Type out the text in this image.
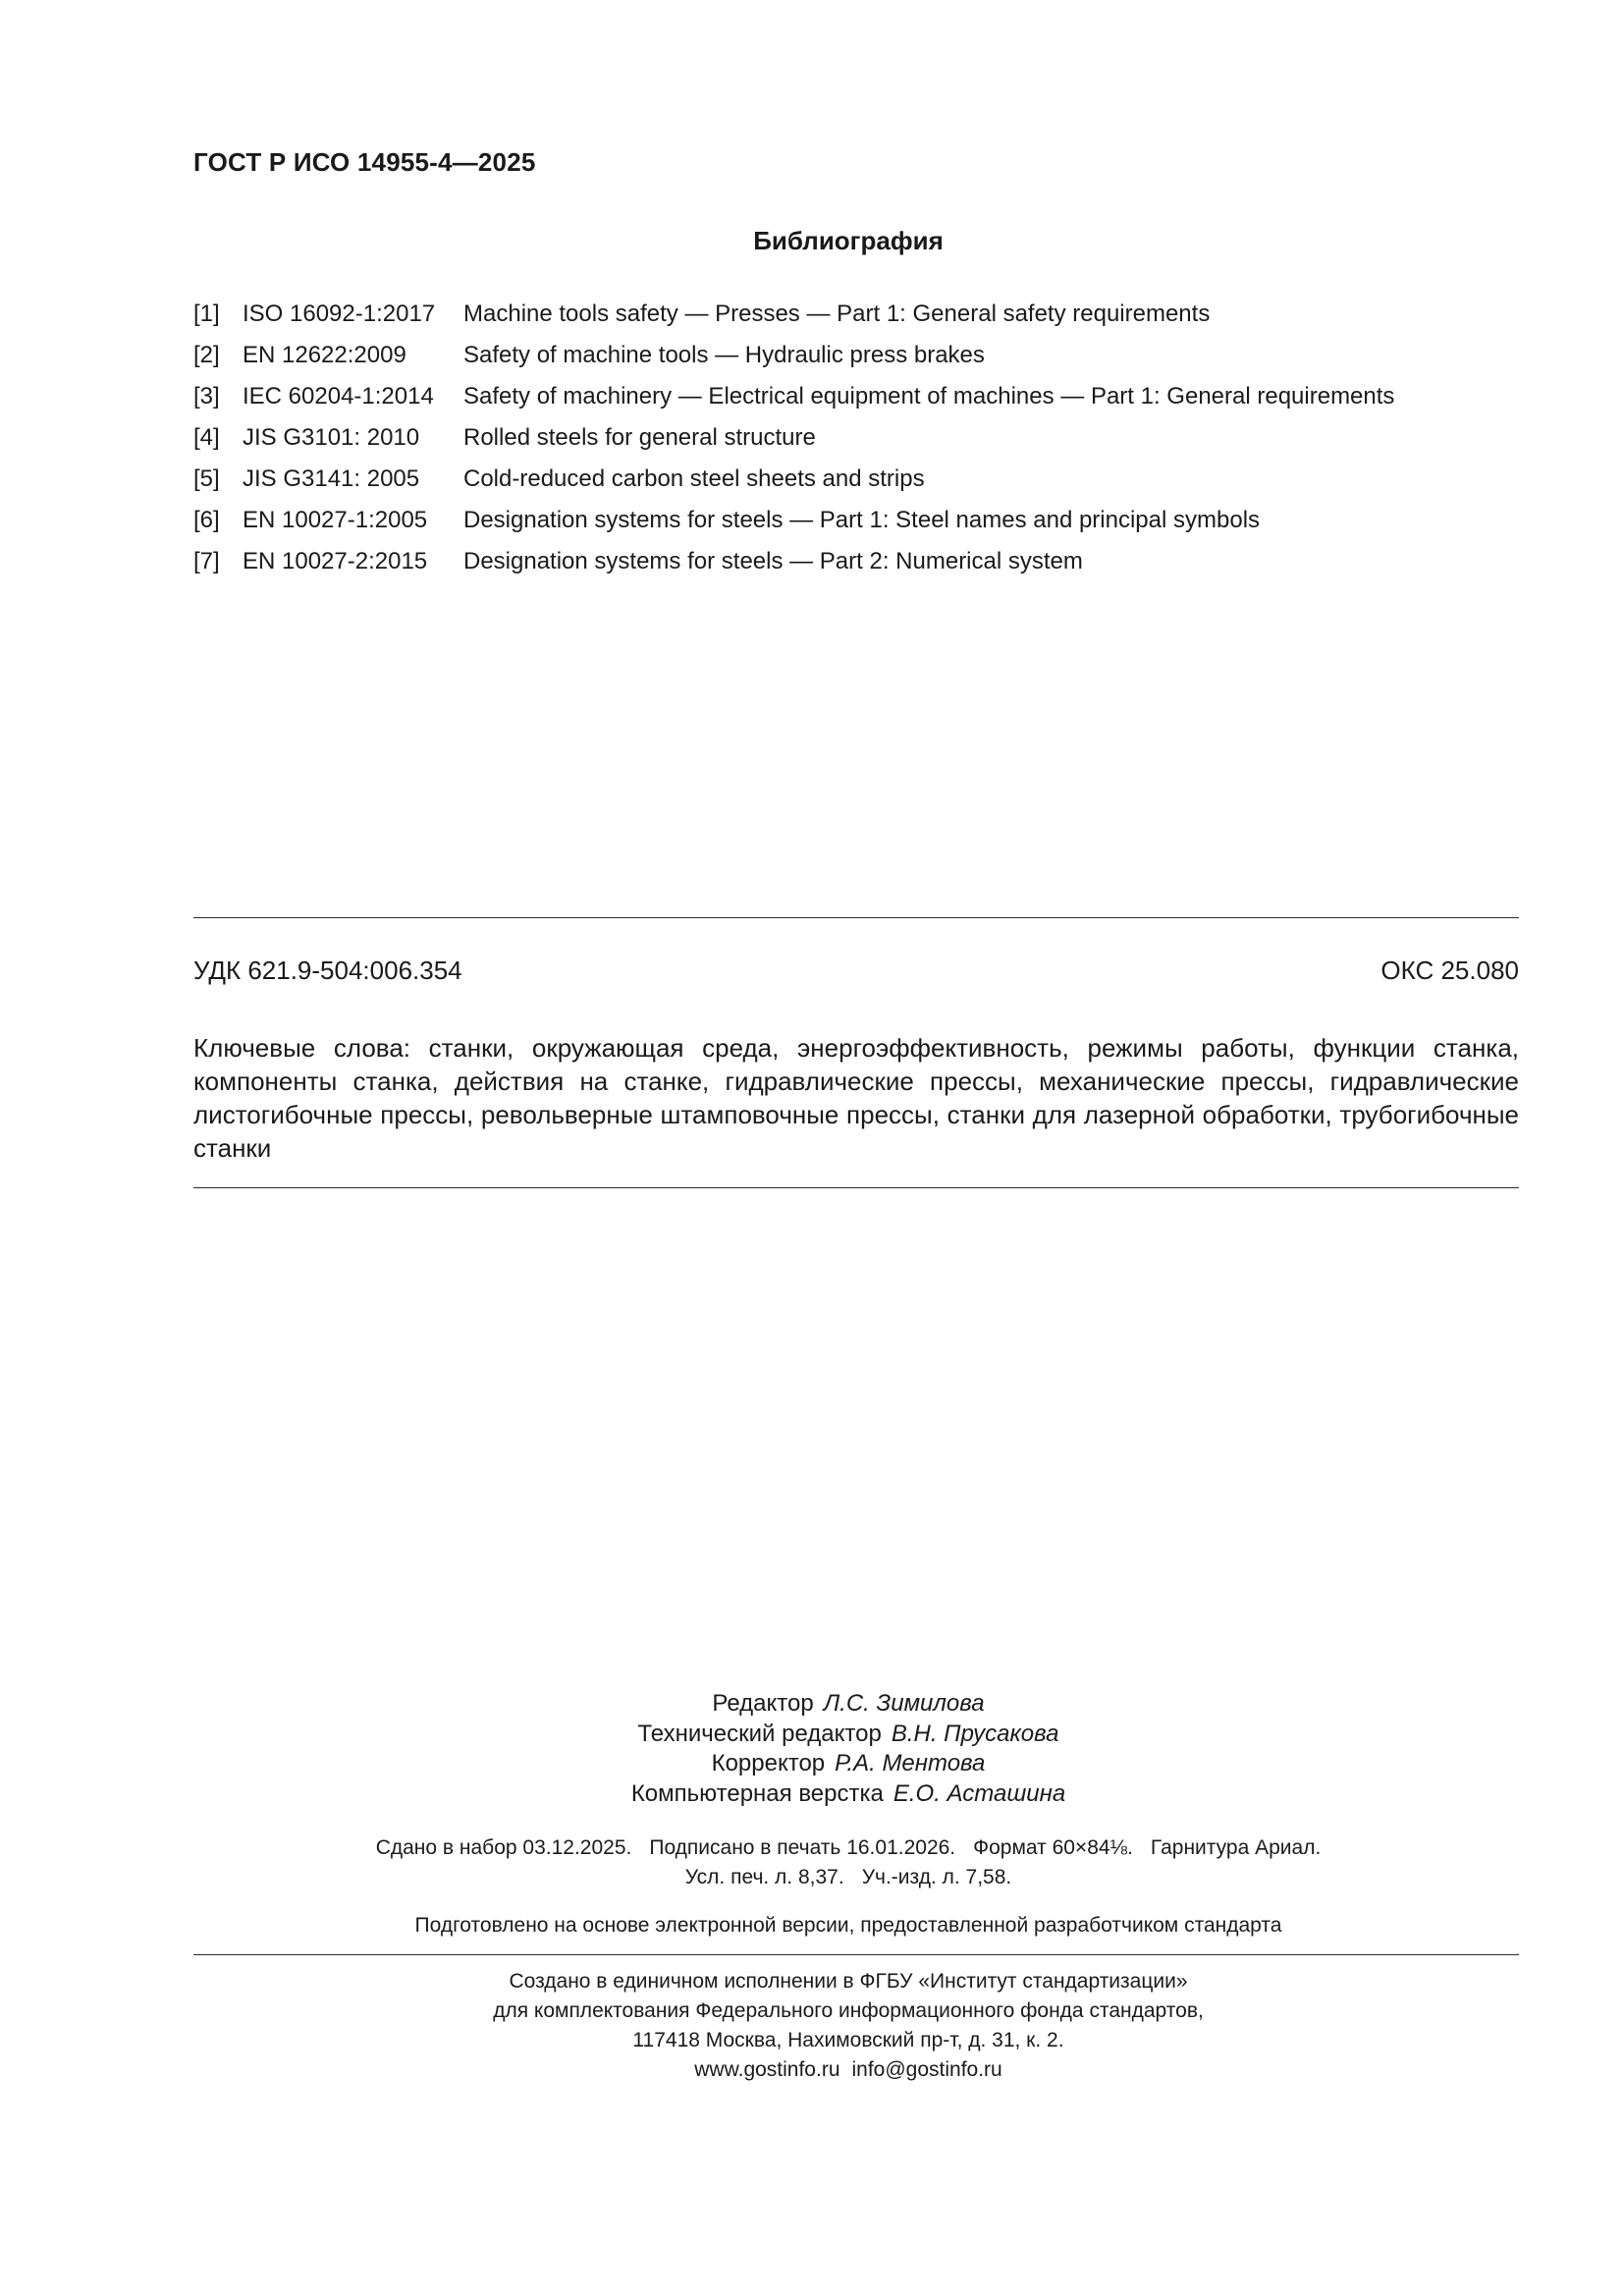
ГОСТ Р ИСО 14955-4—2025
Библиография
[1] ISO 16092-1:2017 Machine tools safety — Presses — Part 1: General safety requirements
[2] EN 12622:2009 Safety of machine tools — Hydraulic press brakes
[3] IEC 60204-1:2014 Safety of machinery — Electrical equipment of machines — Part 1: General requirements
[4] JIS G3101: 2010 Rolled steels for general structure
[5] JIS G3141: 2005 Cold-reduced carbon steel sheets and strips
[6] EN 10027-1:2005 Designation systems for steels — Part 1: Steel names and principal symbols
[7] EN 10027-2:2015 Designation systems for steels — Part 2: Numerical system
УДК 621.9-504:006.354	ОКС 25.080
Ключевые слова: станки, окружающая среда, энергоэффективность, режимы работы, функции станка, компоненты станка, действия на станке, гидравлические прессы, механические прессы, гидравлические листогибочные прессы, револьверные штамповочные прессы, станки для лазерной обработки, трубогибочные станки
Редактор Л.С. Зимилова
Технический редактор В.Н. Прусакова
Корректор Р.А. Ментова
Компьютерная верстка Е.О. Асташина
Сдано в набор 03.12.2025. Подписано в печать 16.01.2026. Формат 60×84⅛. Гарнитура Ариал.
Усл. печ. л. 8,37. Уч.-изд. л. 7,58.
Подготовлено на основе электронной версии, предоставленной разработчиком стандарта
Создано в единичном исполнении в ФГБУ «Институт стандартизации»
для комплектования Федерального информационного фонда стандартов,
117418 Москва, Нахимовский пр-т, д. 31, к. 2.
www.gostinfo.ru info@gostinfo.ru
